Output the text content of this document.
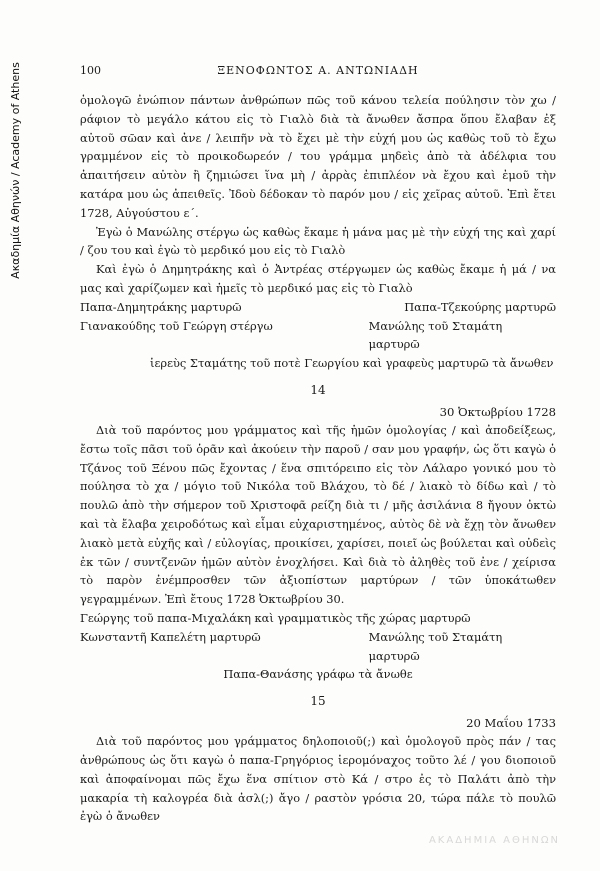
Ακαδημία Αθηνών / Academy of Athens	100	ΞΕΝΟΦΩΝΤΟΣ Α. ΑΝΤΩΝΙΑΔΗ

ὁμολογῶ ἐνώπιον πάντων ἀνθρώπων πῶς τοῦ κάνου τελεία πούλησιν τὸν χω / ράφιον τὸ μεγάλο κάτου εἰς τὸ Γιαλὸ διὰ τὰ ἄνωθεν ἄσπρα ὅπου ἔλαβαν ἐξ αὐτοῦ σῶαν καὶ ἀνε / λειπῆν νὰ τὸ ἔχει μὲ τὴν εὐχή μου ὡς καθὼς τοῦ τὸ ἔχω γραμμένον εἰς τὸ προικοδωρεόν / του γράμμα μηδεὶς ἀπὸ τὰ ἀδέλφια του ἀπαιτήσειν αὐτὸν ἢ ζημιώσει ἵνα μὴ / ἀρρὰς ἐπιπλέον νὰ ἔχου καὶ ἐμοῦ τὴν κατάρα μου ὡς ἀπειθεῖς. Ἰδοὺ δέδοκαν τὸ παρόν μου / εἰς χεῖρας αὐτοῦ. Ἐπὶ ἔτει 1728, Αὐγούστου ε΄.

Ἐγὼ ὁ Μανώλης στέργω ὡς καθὼς ἔκαμε ἡ μάνα μας μὲ τὴν εὐχή της καὶ χαρί / ζου του καὶ ἐγὼ τὸ μερδικό μου εἰς τὸ Γιαλὸ

Καὶ ἐγὼ ὁ Δημητράκης καὶ ὁ Ἀντρέας στέργωμεν ὡς καθὼς ἔκαμε ἡ μά / να μας καὶ χαρίζωμεν καὶ ἡμεῖς τὸ μερδικό μας εἰς τὸ Γιαλὸ

Παπα-Δημητράκης μαρτυρῶ	Παπα-Τζεκούρης μαρτυρῶ
Γιανακούδης τοῦ Γεώργη στέργω	Μανώλης τοῦ Σταμάτη μαρτυρῶ
ἱερεὺς Σταμάτης τοῦ ποτὲ Γεωργίου καὶ γραφεὺς μαρτυρῶ τὰ ἄνωθεν
14
30 Ὀκτωβρίου 1728

Διὰ τοῦ παρόντος μου γράμματος καὶ τῆς ἡμῶν ὁμολογίας / καὶ ἀποδείξεως, ἔστω τοῖς πᾶσι τοῦ ὁρᾶν καὶ ἀκούειν τὴν παροῦ / σαν μου γραφήν, ὡς ὅτι καγὼ ὁ Τζάνος τοῦ Ξένου πῶς ἔχοντας / ἕνα σπιτόρειπο εἰς τὸν Λάλαρο γονικό μου τὸ πούλησα τὸ χα / μόγιο τοῦ Νικόλα τοῦ Βλάχου, τὸ δέ / λιακὸ τὸ δίδω καὶ / τὸ πουλῶ ἀπὸ τὴν σήμερον τοῦ Χριστοφᾶ ρείζη διὰ τι / μῆς ἀσιλάνια 8 ἤγουν ὀκτὼ καὶ τὰ ἔλαβα χειροδότως καὶ εἶμαι εὐχαριστημένος, αὐτὸς δὲ νὰ ἔχῃ τὸν ἄνωθεν λιακὸ μετὰ εὐχῆς καὶ / εὐλογίας, προικίσει, χαρίσει, ποιεῖ ὡς βούλεται καὶ οὐδεὶς ἐκ τῶν / συντζενῶν ἡμῶν αὐτὸν ἐνοχλήσει. Καὶ διὰ τὸ ἀληθὲς τοῦ ἐνε / χείρισα τὸ παρὸν ἐνέμπροσθεν τῶν ἀξιοπίστων μαρτύρων / τῶν ὑποκάτωθεν γεγραμμένων. Ἐπὶ ἔτους 1728 Ὀκτωβρίου 30.

Γεώργης τοῦ παπα-Μιχαλάκη καὶ γραμματικὸς τῆς χώρας μαρτυρῶ
Κωνσταντῆ Καπελέτη μαρτυρῶ	Μανώλης τοῦ Σταμάτη μαρτυρῶ
Παπα-Θανάσης γράφω τὰ ἄνωθε
15
20 Μαΐου 1733

Διὰ τοῦ παρόντος μου γράμματος δηλοποιοῦ(;) καὶ ὁμολογοῦ πρὸς πάν / τας ἀνθρώπους ὡς ὅτι καγὼ ὁ παπα-Γρηγόριος ἱερομόναχος τοῦτο λέ / γου διοποιοῦ καὶ ἀποφαίνομαι πῶς ἔχω ἕνα σπίτιον στὸ Κά / στρο ἐς τὸ Παλάτι ἀπὸ τὴν μακαρία τὴ καλογρέα διὰ ἀσλ(;) ἄγο / ραστὸν γρόσια 20, τώρα πάλε τὸ πουλῶ ἐγὼ ὁ ἄνωθεν

ΑΚΑΔΗΜΙΑ ΑΘΗΝΩΝ
